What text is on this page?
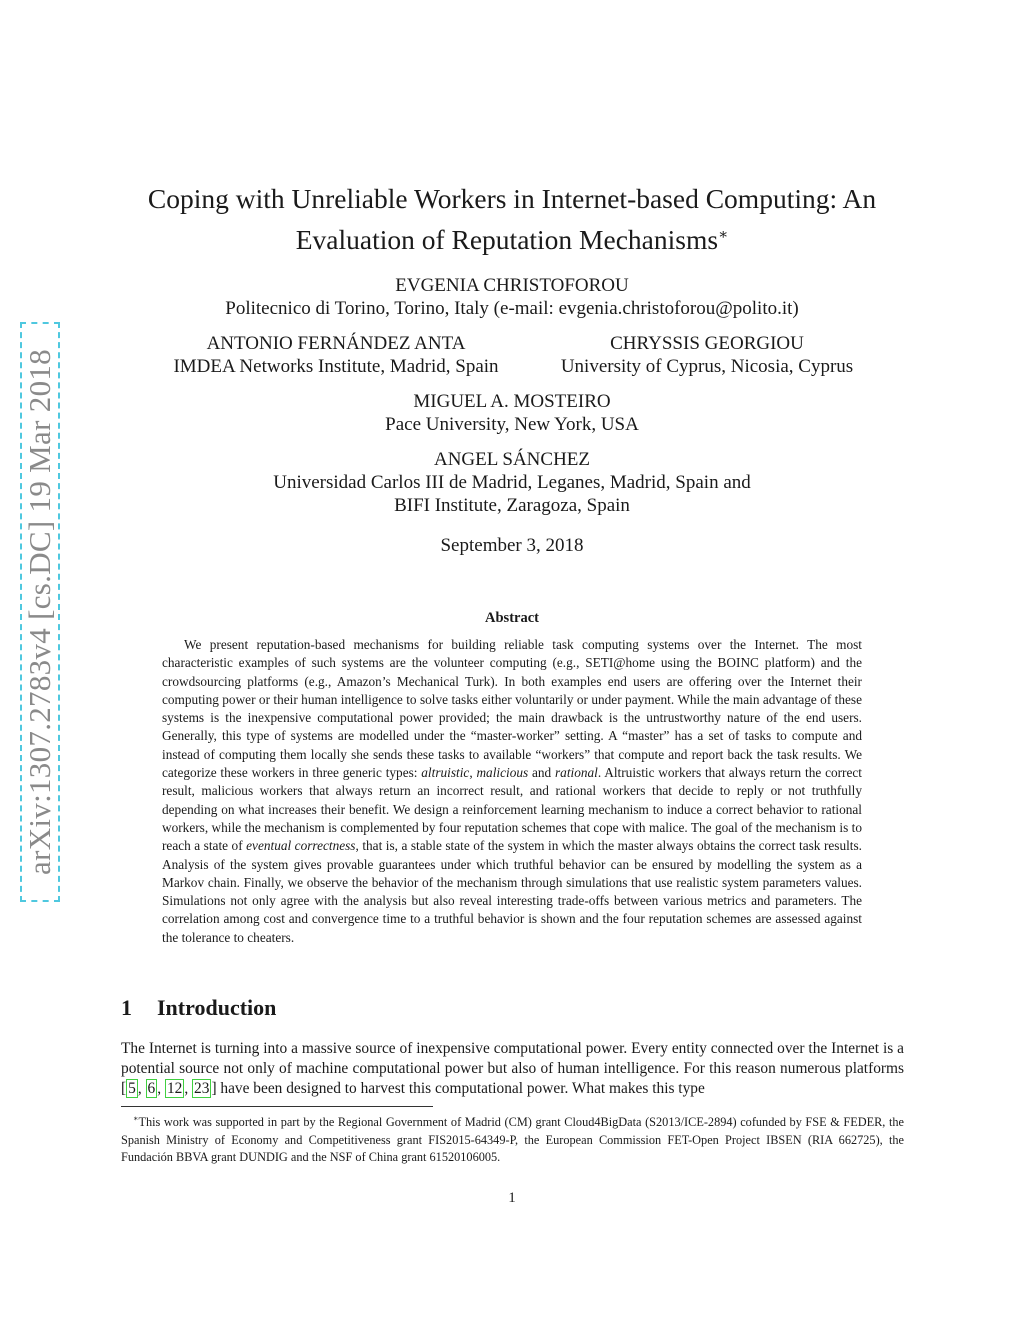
arXiv:1307.2783v4 [cs.DC] 19 Mar 2018
Coping with Unreliable Workers in Internet-based Computing: An
Evaluation of Reputation Mechanisms∗
EVGENIA CHRISTOFOROU
Politecnico di Torino, Torino, Italy (e-mail: evgenia.christoforou@polito.it)
ANTONIO FERNÁNDEZ ANTA
IMDEA Networks Institute, Madrid, Spain
CHRYSSIS GEORGIOU
University of Cyprus, Nicosia, Cyprus
MIGUEL A. MOSTEIRO
Pace University, New York, USA
ANGEL SÁNCHEZ
Universidad Carlos III de Madrid, Leganes, Madrid, Spain and
BIFI Institute, Zaragoza, Spain
September 3, 2018
Abstract

We present reputation-based mechanisms for building reliable task computing systems over the Internet. The most characteristic examples of such systems are the volunteer computing (e.g., SETI@home using the BOINC platform) and the crowdsourcing platforms (e.g., Amazon’s Mechanical Turk). In both examples end users are offering over the Internet their computing power or their human intelligence to solve tasks either voluntarily or under payment. While the main advantage of these systems is the inexpensive computational power provided; the main drawback is the untrustworthy nature of the end users. Generally, this type of systems are modelled under the “master-worker” setting. A “master” has a set of tasks to compute and instead of computing them locally she sends these tasks to available “workers” that compute and report back the task results. We categorize these workers in three generic types: altruistic, malicious and rational. Altruistic workers that always return the correct result, malicious workers that always return an incorrect result, and rational workers that decide to reply or not truthfully depending on what increases their benefit. We design a reinforcement learning mechanism to induce a correct behavior to rational workers, while the mechanism is complemented by four reputation schemes that cope with malice. The goal of the mechanism is to reach a state of eventual correctness, that is, a stable state of the system in which the master always obtains the correct task results. Analysis of the system gives provable guarantees under which truthful behavior can be ensured by modelling the system as a Markov chain. Finally, we observe the behavior of the mechanism through simulations that use realistic system parameters values. Simulations not only agree with the analysis but also reveal interesting trade-offs between various metrics and parameters. The correlation among cost and convergence time to a truthful behavior is shown and the four reputation schemes are assessed against the tolerance to cheaters.

1 Introduction

The Internet is turning into a massive source of inexpensive computational power. Every entity connected over the Internet is a potential source not only of machine computational power but also of human intelligence. For this reason numerous platforms [ 5 , 6 , 12 , 23 ] have been designed to harvest this computational power. What makes this type

∗This work was supported in part by the Regional Government of Madrid (CM) grant Cloud4BigData (S2013/ICE-2894) cofunded by FSE & FEDER, the Spanish Ministry of Economy and Competitiveness grant FIS2015-64349-P, the European Commission FET-Open Project IBSEN (RIA 662725), the Fundación BBVA grant DUNDIG and the NSF of China grant 61520106005.

1
